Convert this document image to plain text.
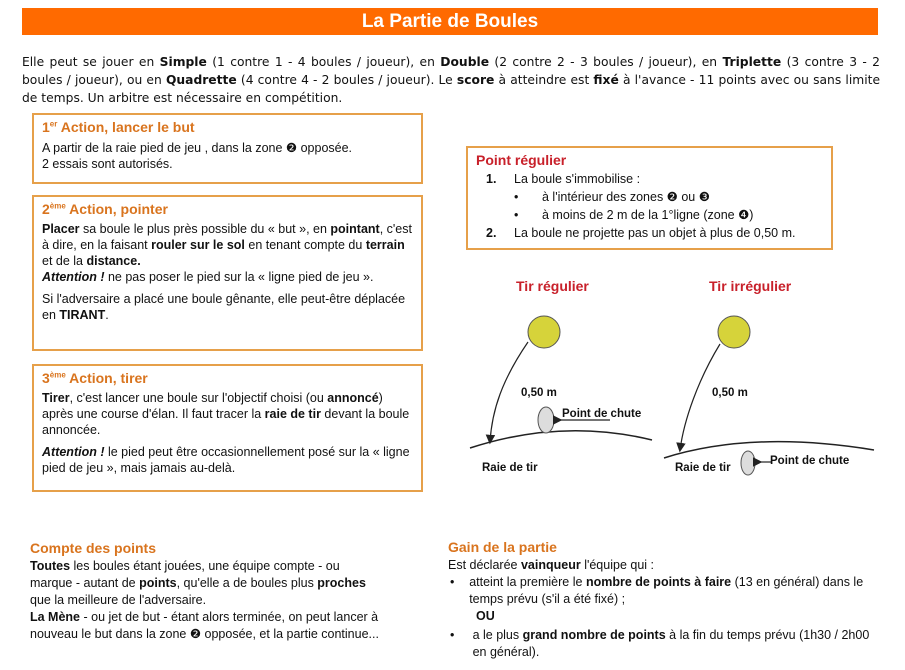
La Partie de Boules
Elle peut se jouer en Simple (1 contre 1 - 4 boules / joueur), en Double (2 contre 2 - 3 boules / joueur), en Triplette (3 contre 3 - 2 boules / joueur), ou en Quadrette (4 contre 4 - 2 boules / joueur). Le score à atteindre est fixé à l'avance - 11 points avec ou sans limite de temps. Un arbitre est nécessaire en compétition.
1er Action, lancer le but

A partir de la raie pied de jeu , dans la zone ❷ opposée.

2 essais sont autorisés.

2ème Action, pointer

Placer sa boule le plus près possible du « but », en pointant, c'est à dire, en la faisant rouler sur le sol en tenant compte du terrain et de la distance.
Attention ! ne pas poser le pied sur la « ligne pied de jeu ».

Si l'adversaire a placé une boule gênante, elle peut-être déplacée en TIRANT.

3ème Action, tirer

Tirer, c'est lancer une boule sur l'objectif choisi (ou annoncé) après une course d'élan. Il faut tracer la raie de tir devant la boule annoncée.

Attention ! le pied peut être occasionnellement posé sur la « ligne pied de jeu », mais jamais au-delà.

Point régulier
1.	La boule s'immobilise :
•	à l'intérieur des zones ❷ ou ❸
•	à moins de 2 m de la 1°ligne (zone ❹)
2.	La boule ne projette pas un objet à plus de 0,50 m.
Tir régulier
0,50 m
Point de chute
Raie de tir
Tir irrégulier
0,50 m
Point de chute
Raie de tir
Compte des points

Toutes les boules étant jouées, une équipe compte - ou marque - autant de points, qu'elle a de boules plus proches que la meilleure de l'adversaire.
La Mène - ou jet de but - étant alors terminée, on peut lancer à nouveau le but dans la zone ❷ opposée, et la partie continue...

Gain de la partie

Est déclarée vainqueur l'équipe qui :

•	atteint la première le nombre de points à faire (13 en général) dans le temps prévu (s'il a été fixé) ;
OU
•	a le plus grand nombre de points à la fin du temps prévu (1h30 / 2h00 en général).
